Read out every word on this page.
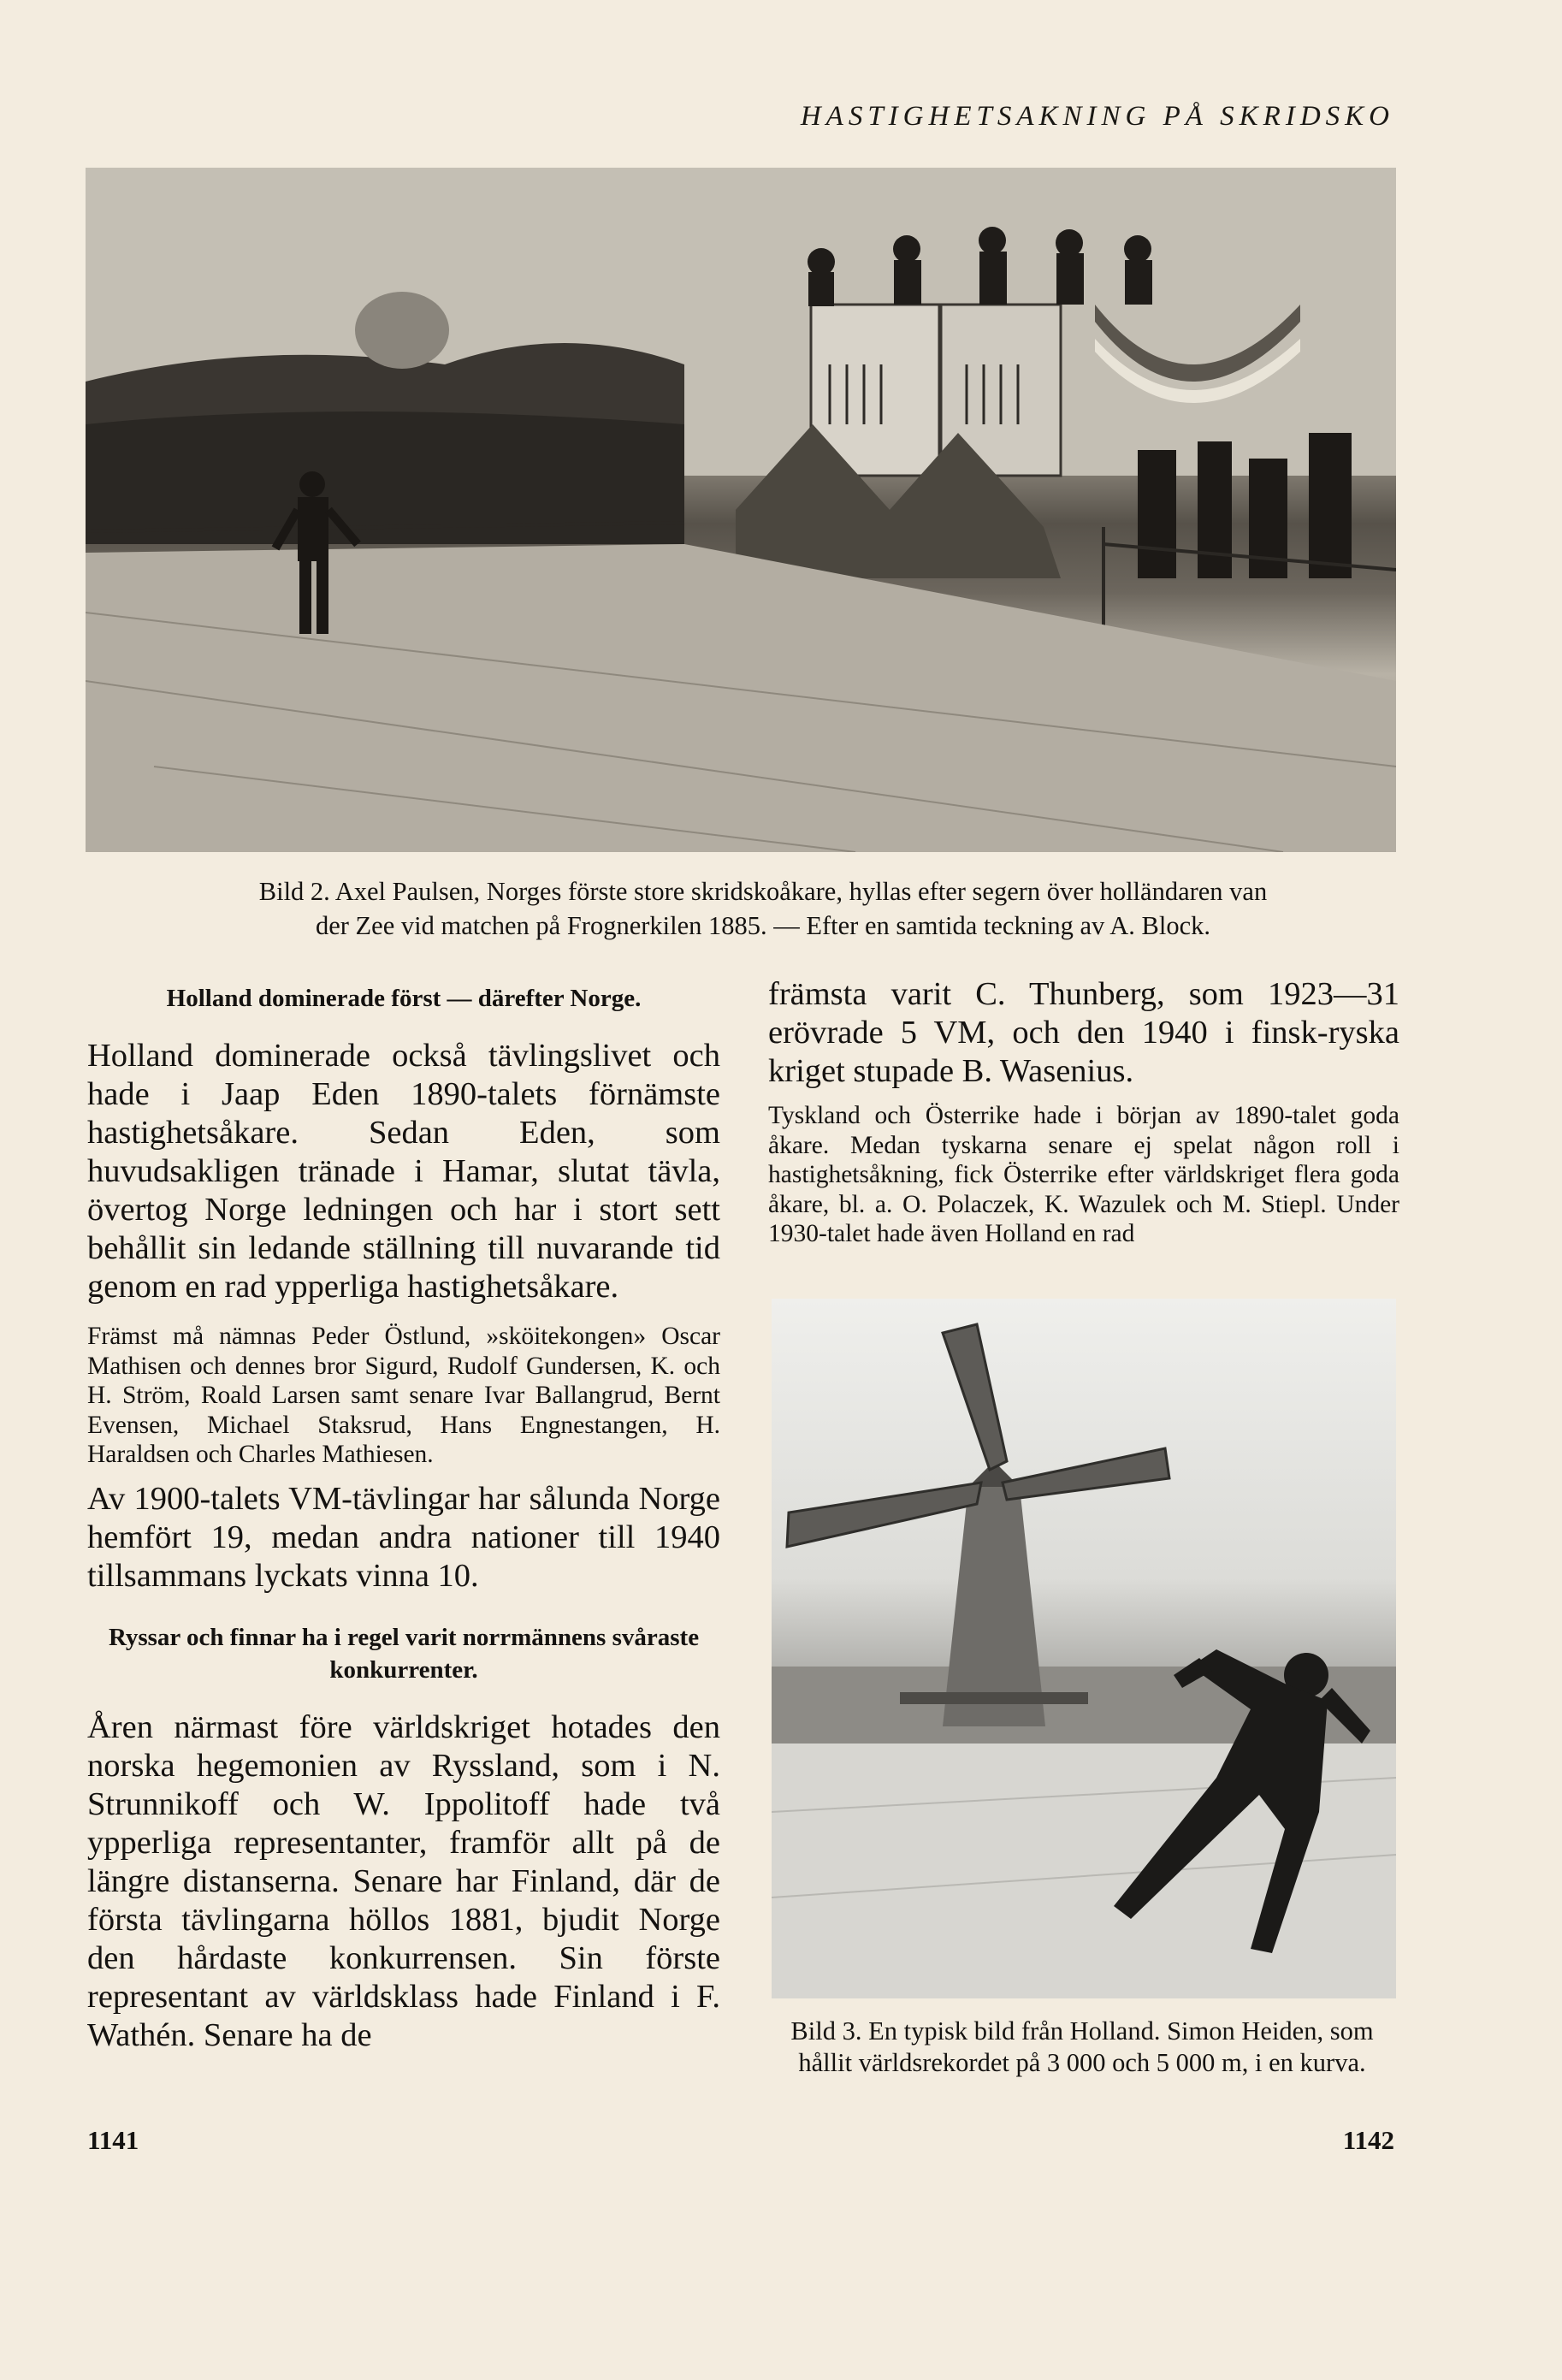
HASTIGHETSAKNING PÅ SKRIDSKO
Bild 2. Axel Paulsen, Norges förste store skridskoåkare, hyllas efter segern över holländaren van
der Zee vid matchen på Frognerkilen 1885. — Efter en samtida teckning av A. Block.
Holland dominerade först — därefter Norge.

Holland dominerade också tävlingslivet och hade i Jaap Eden 1890-talets förnämste hastighetsåkare. Sedan Eden, som huvudsakligen tränade i Hamar, slutat tävla, övertog Norge ledningen och har i stort sett behållit sin ledande ställning till nuvarande tid genom en rad ypperliga hastighetsåkare.

Främst må nämnas Peder Östlund, »sköitekongen» Oscar Mathisen och dennes bror Sigurd, Rudolf Gundersen, K. och H. Ström, Roald Larsen samt senare Ivar Ballangrud, Bernt Evensen, Michael Staksrud, Hans Engnestangen, H. Haraldsen och Charles Mathiesen.

Av 1900-talets VM-tävlingar har sålunda Norge hemfört 19, medan andra nationer till 1940 tillsammans lyckats vinna 10.

Ryssar och finnar ha i regel varit norrmännens svåraste konkurrenter.

Åren närmast före världskriget hotades den norska hegemonien av Ryssland, som i N. Strunnikoff och W. Ippolitoff hade två ypperliga representanter, framför allt på de längre distanserna. Senare har Finland, där de första tävlingarna höllos 1881, bjudit Norge den hårdaste konkurrensen. Sin förste representant av världsklass hade Finland i F. Wathén. Senare ha de

främsta varit C. Thunberg, som 1923—31 erövrade 5 VM, och den 1940 i finsk-ryska kriget stupade B. Wasenius.

Tyskland och Österrike hade i början av 1890-talet goda åkare. Medan tyskarna senare ej spelat någon roll i hastighetsåkning, fick Österrike efter världskriget flera goda åkare, bl. a. O. Polaczek, K. Wazulek och M. Stiepl. Under 1930-talet hade även Holland en rad

Bild 3. En typisk bild från Holland. Simon Heiden, som hållit världsrekordet på 3 000 och 5 000 m, i en kurva.
1141	1142
